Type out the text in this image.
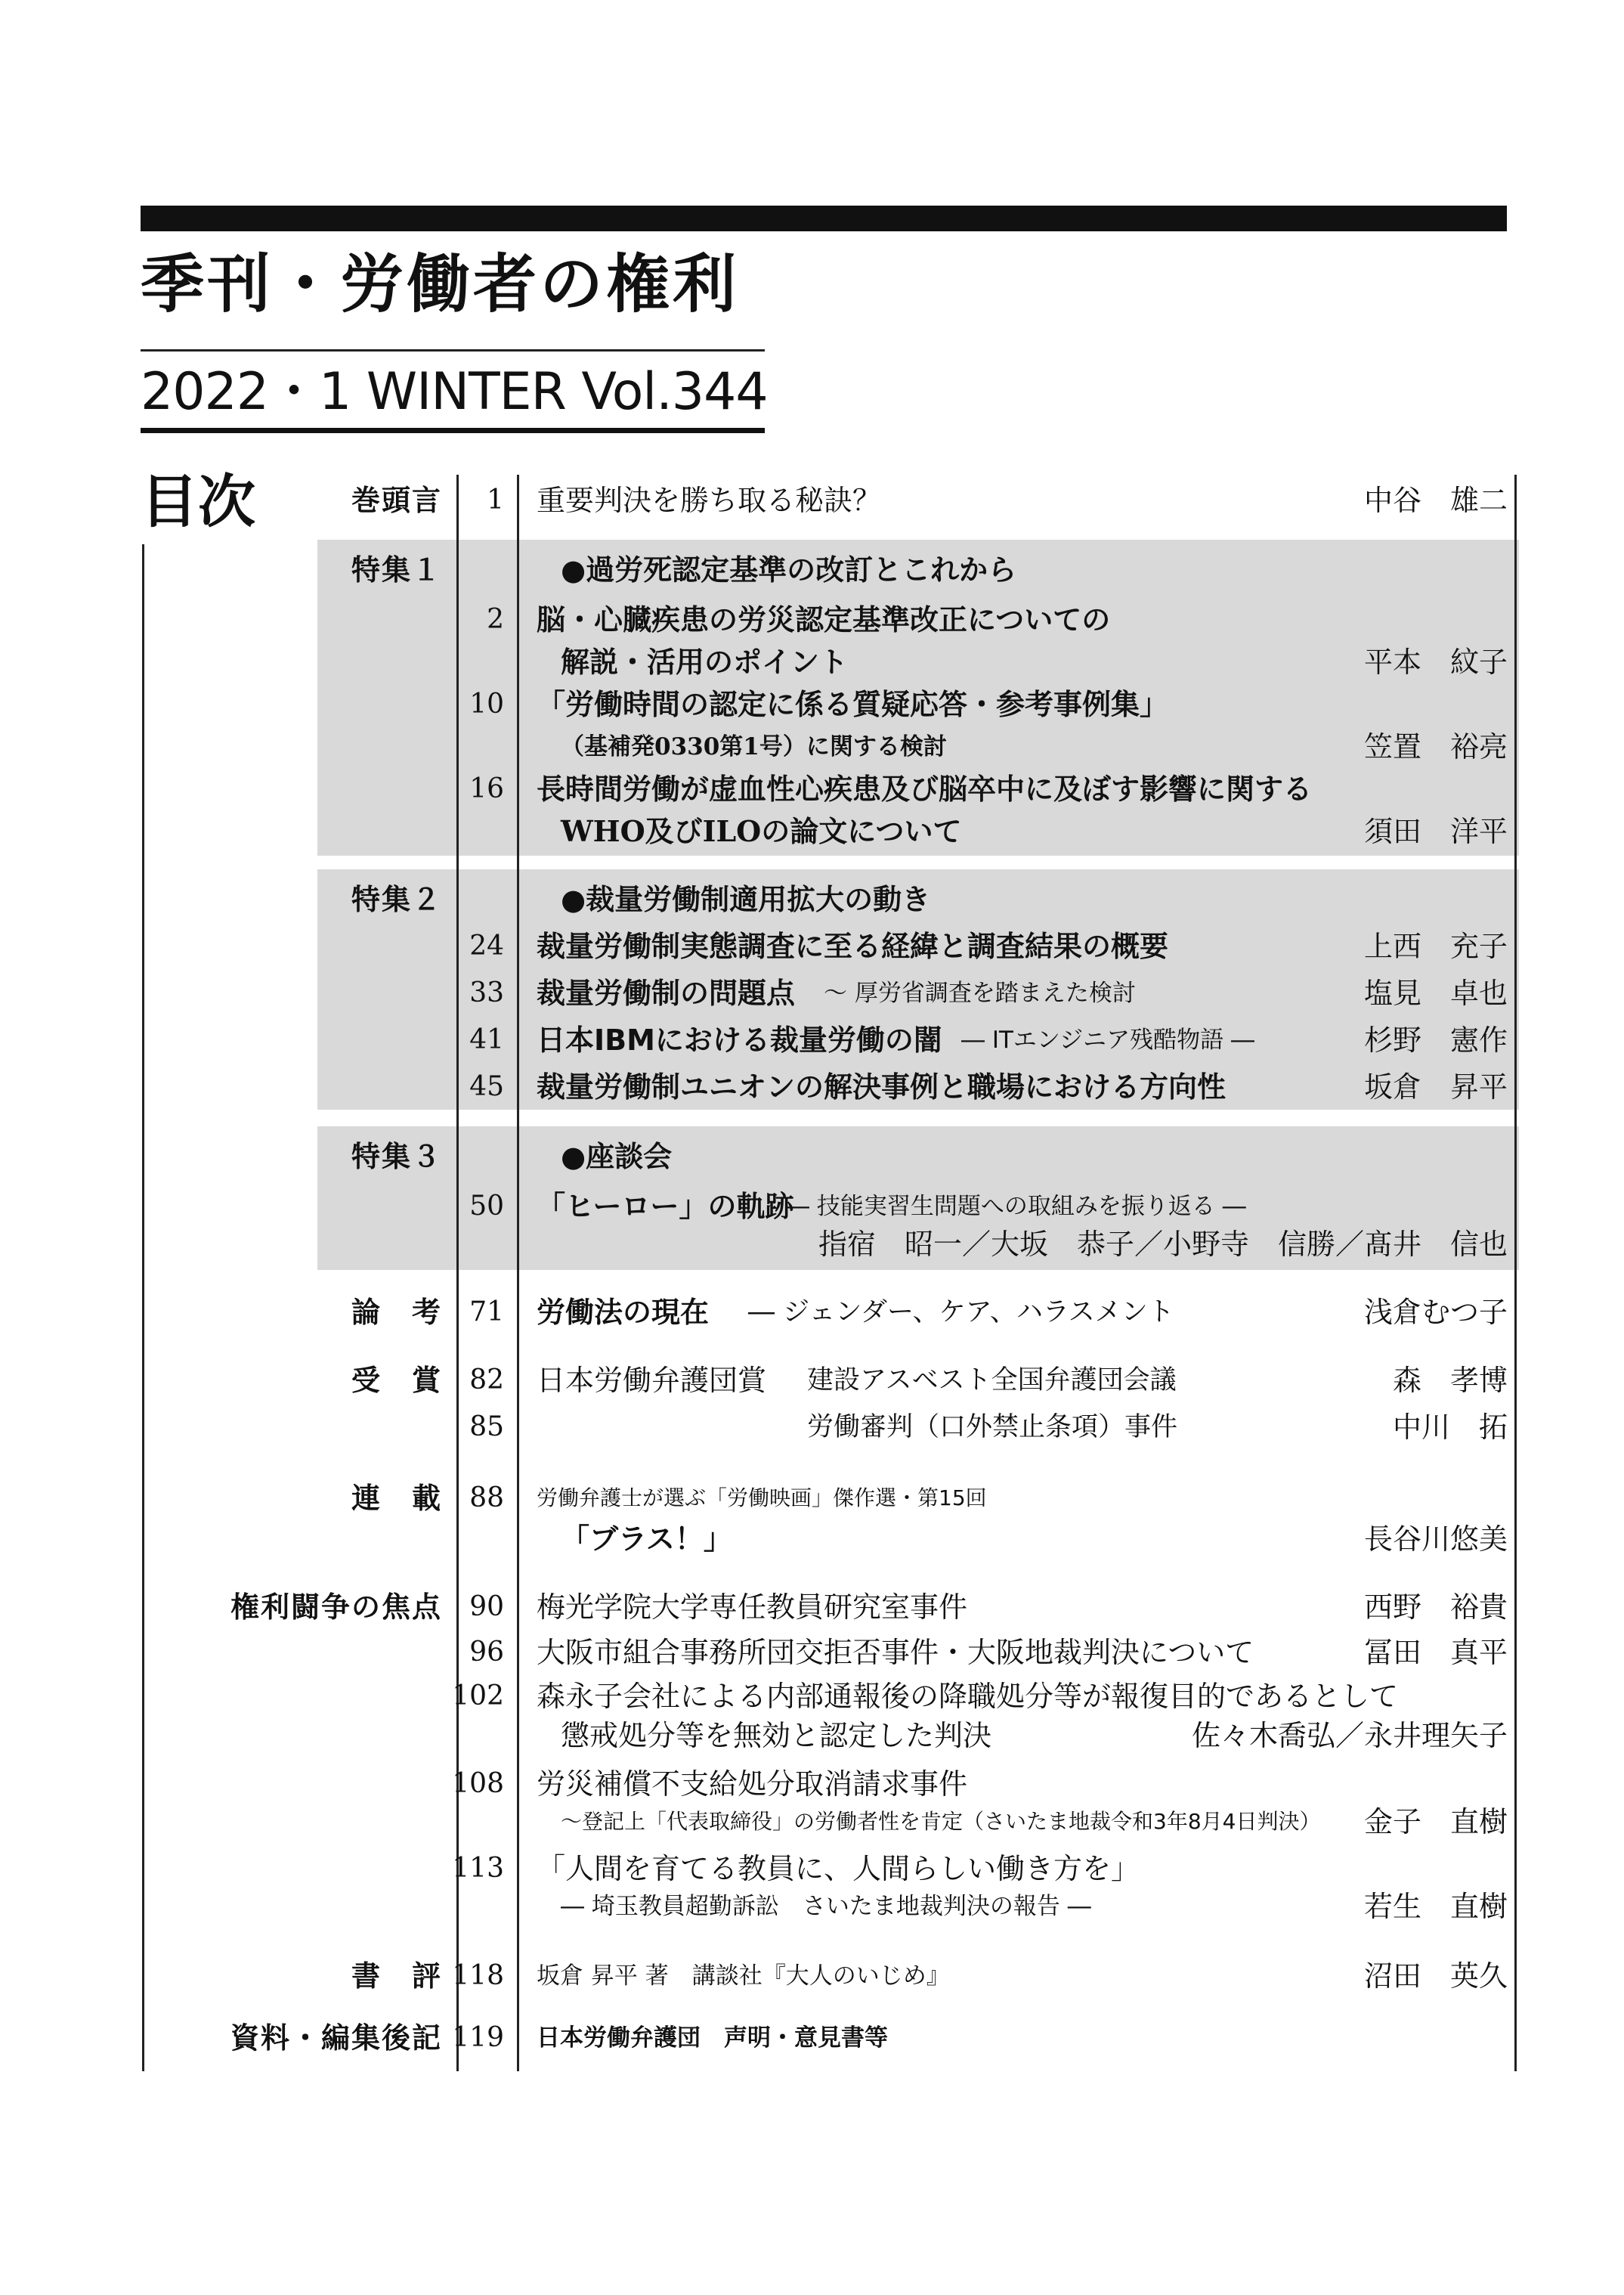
季刊・労働者の権利
2022・1 WINTER Vol.344
目次	巻頭言 1 重要判決を勝ち取る秘訣？	中谷　雄二
特集１	●過労死認定基準の改訂とこれから
2 脳・心臓疾患の労災認定基準改正についての
解説・活用のポイント	平本　紋子
10 「労働時間の認定に係る質疑応答・参考事例集」
（基補発0330第1号）に関する検討	笠置　裕亮
16 長時間労働が虚血性心疾患及び脳卒中に及ぼす影響に関する
WHO及びILOの論文について	須田　洋平
特集２	●裁量労働制適用拡大の動き
24 裁量労働制実態調査に至る経緯と調査結果の概要	上西　充子
33 裁量労働制の問題点 ～ 厚労省調査を踏まえた検討	塩見　卓也
41 日本IBMにおける裁量労働の闇 ― ITエンジニア残酷物語 ―	杉野　憲作
45 裁量労働制ユニオンの解決事例と職場における方向性	坂倉　昇平
特集３	●座談会
50 「ヒーロー」の軌跡
― 技能実習生問題への取組みを振り返る ―
指宿　昭一／大坂　恭子／小野寺　信勝／髙井　信也
論　考 71 労働法の現在 ― ジェンダー、ケア、ハラスメント	浅倉むつ子
受　賞 82 日本労働弁護団賞 建設アスベスト全国弁護団会議	森　孝博
85	労働審判（口外禁止条項）事件	中川　拓
連　載 88 労働弁護士が選ぶ「労働映画」傑作選・第15回
「ブラス！」	長谷川悠美
権利闘争の焦点 90 梅光学院大学専任教員研究室事件	西野　裕貴
96 大阪市組合事務所団交拒否事件・大阪地裁判決について	冨田　真平
102 森永子会社による内部通報後の降職処分等が報復目的であるとして
懲戒処分等を無効と認定した判決	佐々木喬弘／永井理矢子
108 労災補償不支給処分取消請求事件
～登記上「代表取締役」の労働者性を肯定（さいたま地裁令和3年8月4日判決） 金子　直樹
113 「人間を育てる教員に、人間らしい働き方を」
― 埼玉教員超勤訴訟　さいたま地裁判決の報告 ―	若生　直樹
書　評 118 坂倉 昇平 著　講談社『大人のいじめ』	沼田　英久
資料・編集後記 119 日本労働弁護団　声明・意見書等
